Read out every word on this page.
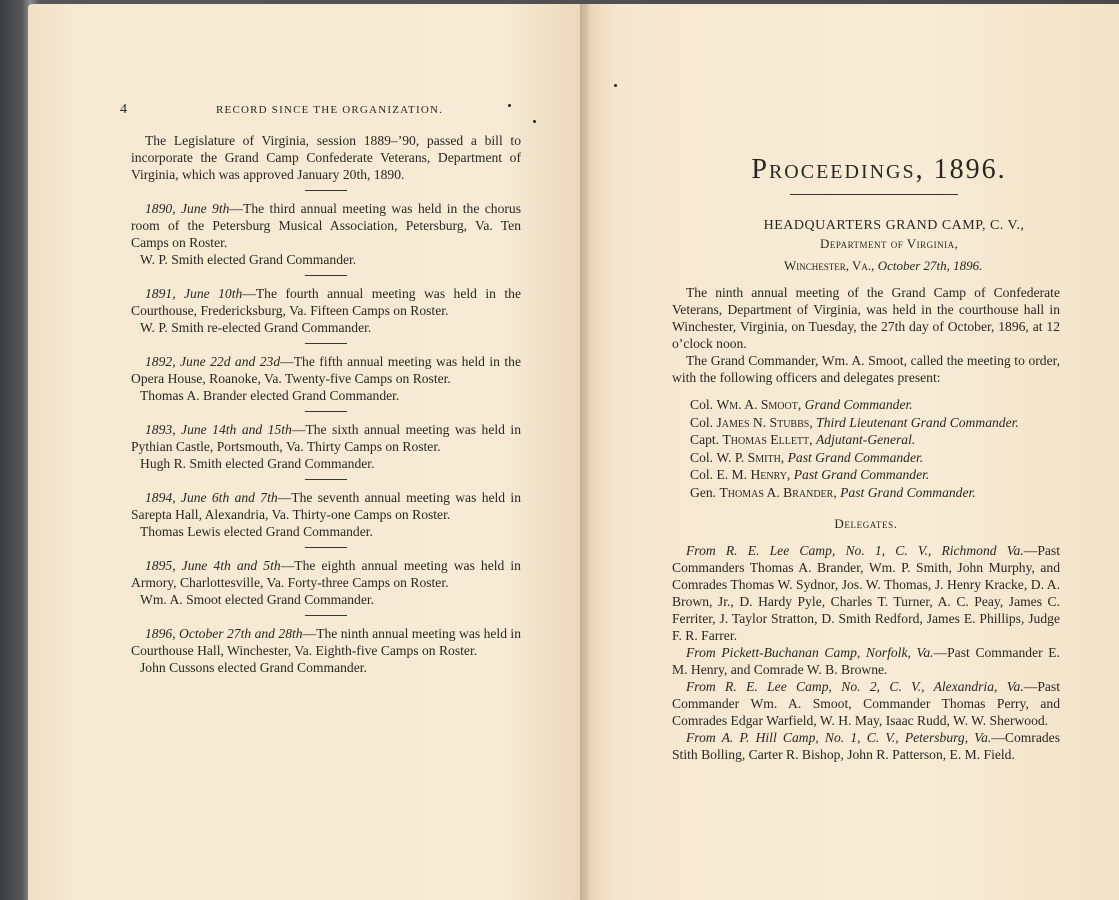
4	RECORD SINCE THE ORGANIZATION.

The Legislature of Virginia, session 1889–’90, passed a bill to incorporate the Grand Camp Confederate Veterans, Department of Virginia, which was approved January 20th, 1890.

1890, June 9th—The third annual meeting was held in the chorus room of the Petersburg Musical Association, Petersburg, Va. Ten Camps on Roster.

W. P. Smith elected Grand Commander.

1891, June 10th—The fourth annual meeting was held in the Courthouse, Fredericksburg, Va. Fifteen Camps on Roster.

W. P. Smith re-elected Grand Commander.

1892, June 22d and 23d—The fifth annual meeting was held in the Opera House, Roanoke, Va. Twenty-five Camps on Roster.

Thomas A. Brander elected Grand Commander.

1893, June 14th and 15th—The sixth annual meeting was held in Pythian Castle, Portsmouth, Va. Thirty Camps on Roster.

Hugh R. Smith elected Grand Commander.

1894, June 6th and 7th—The seventh annual meeting was held in Sarepta Hall, Alexandria, Va. Thirty-one Camps on Roster.

Thomas Lewis elected Grand Commander.

1895, June 4th and 5th—The eighth annual meeting was held in Armory, Charlottesville, Va. Forty-three Camps on Roster.

Wm. A. Smoot elected Grand Commander.

1896, October 27th and 28th—The ninth annual meeting was held in Courthouse Hall, Winchester, Va. Eighth-five Camps on Roster.

John Cussons elected Grand Commander.

Proceedings, 1896.
HEADQUARTERS GRAND CAMP, C. V.,
Department of Virginia,
Winchester, Va., October 27th, 1896.

The ninth annual meeting of the Grand Camp of Confederate Veterans, Department of Virginia, was held in the courthouse hall in Winchester, Virginia, on Tuesday, the 27th day of October, 1896, at 12 o’clock noon.

The Grand Commander, Wm. A. Smoot, called the meeting to order, with the following officers and delegates present:

Col. Wm. A. Smoot, Grand Commander.
Col. James N. Stubbs, Third Lieutenant Grand Commander.
Capt. Thomas Ellett, Adjutant-General.
Col. W. P. Smith, Past Grand Commander.
Col. E. M. Henry, Past Grand Commander.
Gen. Thomas A. Brander, Past Grand Commander.
Delegates.

From R. E. Lee Camp, No. 1, C. V., Richmond Va.—Past Commanders Thomas A. Brander, Wm. P. Smith, John Murphy, and Comrades Thomas W. Sydnor, Jos. W. Thomas, J. Henry Kracke, D. A. Brown, Jr., D. Hardy Pyle, Charles T. Turner, A. C. Peay, James C. Ferriter, J. Taylor Stratton, D. Smith Redford, James E. Phillips, Judge F. R. Farrer.

From Pickett-Buchanan Camp, Norfolk, Va.—Past Commander E. M. Henry, and Comrade W. B. Browne.

From R. E. Lee Camp, No. 2, C. V., Alexandria, Va.—Past Commander Wm. A. Smoot, Commander Thomas Perry, and Comrades Edgar Warfield, W. H. May, Isaac Rudd, W. W. Sherwood.

From A. P. Hill Camp, No. 1, C. V., Petersburg, Va.—Comrades Stith Bolling, Carter R. Bishop, John R. Patterson, E. M. Field.
